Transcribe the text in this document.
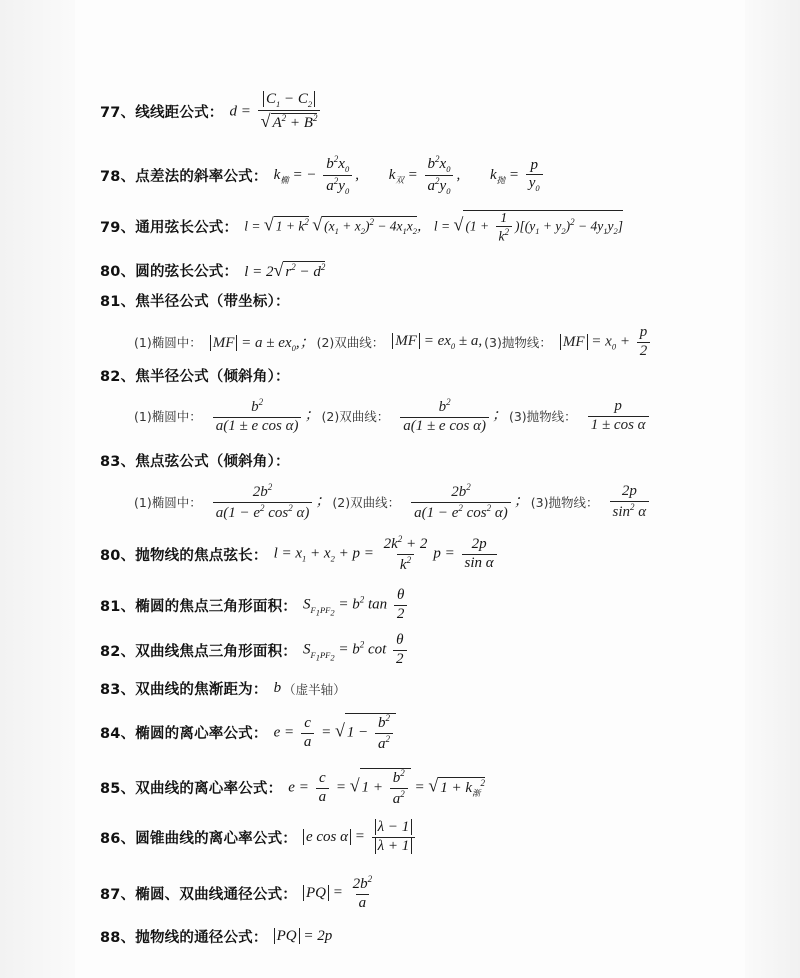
77、 线线距公式： $d = \frac{C_1 - C_2}{√ A^2 + B^2}$
78、 点差法的斜率公式： $k_椭$ = − $\frac{b^2x_0}{a^2y_0}$ , $k_双 = \frac{b^2x_0}{a^2y_0}$ , $k_抛 = \frac{p}{y_0}$
79、 通用弦长公式： l = √ $1 + k^2$ √ $(x_1 + x_2)^2 - 4x_1x_2$， l = √ $(1 + \frac{1}{k^2} )[(y_1 + y_2)^2 - 4y_1y_2]$
80、 圆的弦长公式： l = 2√ $r^2 - d^2$
81、 焦半径公式（带坐标）：
(1)椭圆中： MF = $a \pm ex_0$,； (2)双曲线： MF = $ex_0 \pm a$, (3)抛物线： MF = $x_0 + \frac{p}{2}$
82、 焦半径公式（倾斜角）：
(1)椭圆中： $\frac{b^2}{\text{a(1 ± e cos α)}}$ ； (2)双曲线： $\frac{b^2}{\text{a(1 ± e cos α)}}$ ； (3)抛物线： $\frac{p}{\text{1 ± cos α}}$
83、 焦点弦公式（倾斜角）：
(1)椭圆中： $\frac{2b^2}{a(1 - e^2 \cos^2 \alpha)}$ ； (2)双曲线： $\frac{2b^2}{a(1 - e^2 \cos^2 \alpha)}$ ； (3)抛物线： $\frac{2p}{\sin^2 \alpha}$
80、 抛物线的焦点弦长： $l = x_1 + x_2 + p = \frac{2k^2 + 2}{k^2}$ $p = \frac{2p}{\text{sin α}}$
81、 椭圆的焦点三角形面积： $S_{F_1PF_2} = b^2$ $\tan \frac{\theta}{2}$
82、 双曲线焦点三角形面积： $S_{F_1PF_2} = b^2$ $\cot \frac{\theta}{2}$
83、 双曲线的焦渐距为： b （虚半轴）
84、 椭圆的离心率公式： $e = \frac{c}{a}$ = √ $1 - \frac{b^2}{a^2}$
85、 双曲线的离心率公式： $e = \frac{c}{a}$ = √ $1 + \frac{b^2}{a^2}$ = √ $1 + k_渐^2$
86、 圆锥曲线的离心率公式： e $\cos \alpha = \frac{\lambda - 1}{\lambda + 1}$
87、 椭圆、双曲线通径公式： PQ = $\frac{2b^2}{a}$
88、 抛物线的通径公式： PQ = 2p
